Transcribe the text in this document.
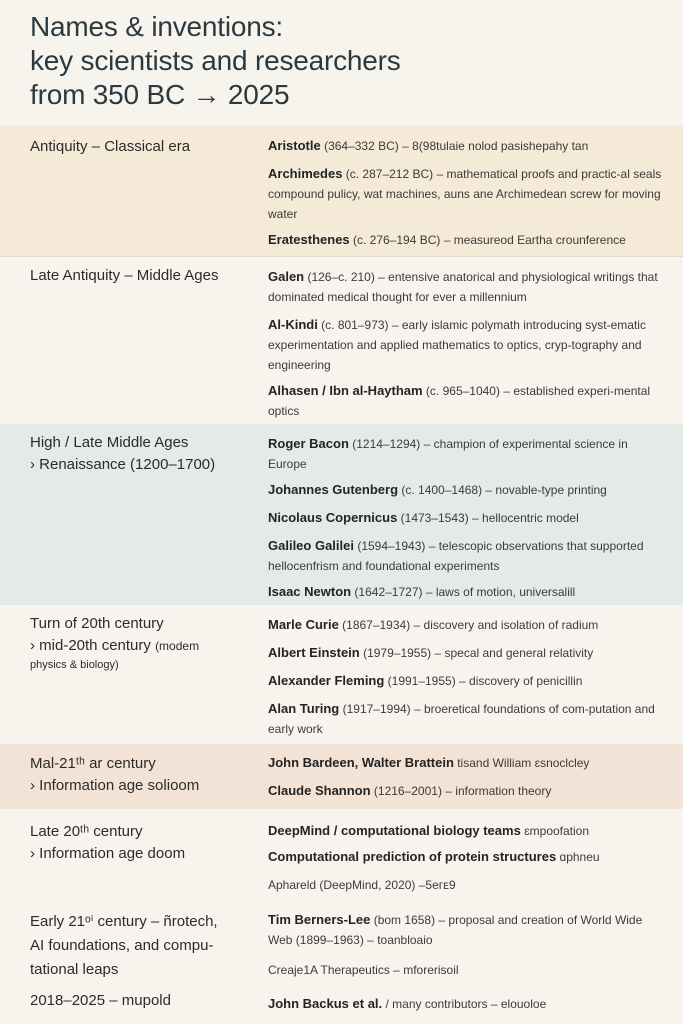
Names & inventions:
key scientists and researchers
from 350 BC → 2025
Antiquity – Classical era	Aristotle (364–332 BC) – 8(98tulaie nolod pasishepahy tan
Archimedes (c. 287–212 BC) – mathematical proofs and practic-al seals compound pulicy, wat machines, auns ane Archimedean screw for moving water
Eratesthenes (c. 276–194 BC) – measureod Eartha crounference
Late Antiquity – Middle Ages	Galen (126–c. 210) – entensive anatorical and physiological writings that dominated medical thought for ever a millennium
Al-Kindi (c. 801–973) – early islamic polymath introducing syst-ematic experimentation and applied mathematics to optics, cryp-tography and engineering
Alhasen / Ibn al-Haytham (c. 965–1040) – established experi-mental optics
High / Late Middle Ages
› Renaissance (1200–1700)
Roger Bacon (1214–1294) – champion of experimental science in Europe
Johannes Gutenberg (c. 1400–1468) – novable-type printing
Nicolaus Copernicus (1473–1543) – hellocentric model
Galileo Galilei (1594–1943) – telescopic observations that supported hellocenfrism and foundational experiments
Isaac Newton (1642–1727) – laws of motion, universalill
Turn of 20th century
› mid-20th century (modem
physics & biology)
Marle Curie (1867–1934) – discovery and isolation of radium
Albert Einstein (1979–1955) – specal and general relativity
Alexander Fleming (1991–1955) – discovery of penicillin
Alan Turing (1917–1994) – broeretical foundations of com-putation and early work
Mal-21ᵗʰ ar century
› Information age solioom
John Bardeen, Walter Brattein tisand William ɛsnoclcley
Claude Shannon (1216–2001) – information theory
Late 20ᵗʰ century
› Information age doom
DeepMind / computational biology teams ɛmpoofation
Computational prediction of protein structures ɑphneu
Aphareld (DeepMind, 2020) –5eᴦᴇ9
Early 21ᵒⁱ century – ñrotech,
AI foundations, and compu-
tational leaps
2018–2025 – mupold
Tim Berners-Lee (bom 1658) – proposal and creation of World Wide Web (1899–1963) – toanbloaio
Creaje1A Therapeutics – mforerisoil
John Backus et al. / many contributors – elouoloe
